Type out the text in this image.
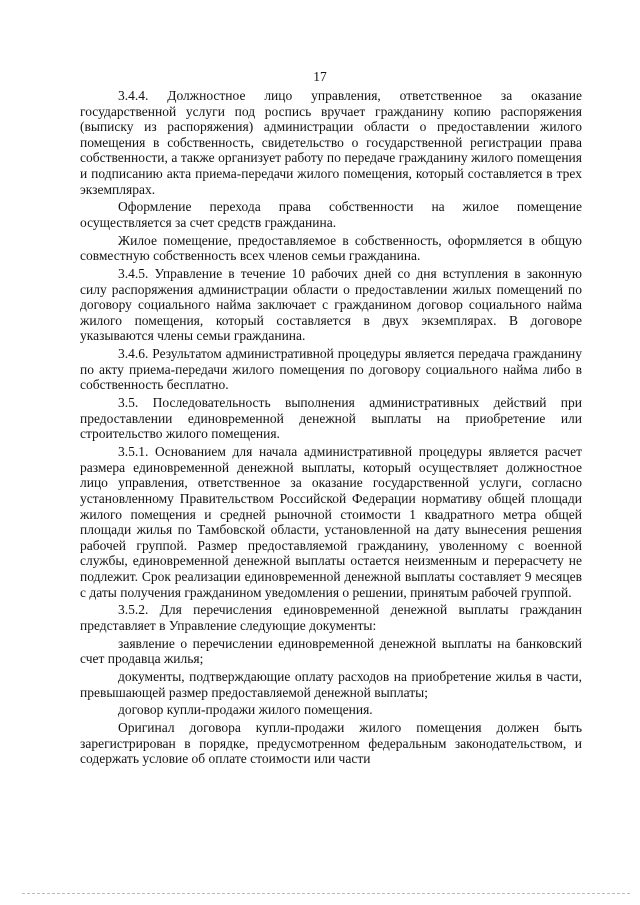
17

3.4.4. Должностное лицо управления, ответственное за оказание государственной услуги под роспись вручает гражданину копию распоряжения (выписку из распоряжения) администрации области о предоставлении жилого помещения в собственность, свидетельство о государственной регистрации права собственности, а также организует работу по передаче гражданину жилого помещения и подписанию акта приема-передачи жилого помещения, который составляется в трех экземплярах.

Оформление перехода права собственности на жилое помещение осуществляется за счет средств гражданина.

Жилое помещение, предоставляемое в собственность, оформляется в общую совместную собственность всех членов семьи гражданина.

3.4.5. Управление в течение 10 рабочих дней со дня вступления в законную силу распоряжения администрации области о предоставлении жилых помещений по договору социального найма заключает с гражданином договор социального найма жилого помещения, который составляется в двух экземплярах. В договоре указываются члены семьи гражданина.

3.4.6. Результатом административной процедуры является передача гражданину по акту приема-передачи жилого помещения по договору социального найма либо в собственность бесплатно.

3.5. Последовательность выполнения административных действий при предоставлении единовременной денежной выплаты на приобретение или строительство жилого помещения.

3.5.1. Основанием для начала административной процедуры является расчет размера единовременной денежной выплаты, который осуществляет должностное лицо управления, ответственное за оказание государственной услуги, согласно установленному Правительством Российской Федерации нормативу общей площади жилого помещения и средней рыночной стоимости 1 квадратного метра общей площади жилья по Тамбовской области, установленной на дату вынесения решения рабочей группой. Размер предоставляемой гражданину, уволенному с военной службы, единовременной денежной выплаты остается неизменным и перерасчету не подлежит. Срок реализации единовременной денежной выплаты составляет 9 месяцев с даты получения гражданином уведомления о решении, принятым рабочей группой.

3.5.2. Для перечисления единовременной денежной выплаты гражданин представляет в Управление следующие документы:

заявление о перечислении единовременной денежной выплаты на банковский счет продавца жилья;

документы, подтверждающие оплату расходов на приобретение жилья в части, превышающей размер предоставляемой денежной выплаты;

договор купли-продажи жилого помещения.

Оригинал договора купли-продажи жилого помещения должен быть зарегистрирован в порядке, предусмотренном федеральным законодательством, и содержать условие об оплате стоимости или части
